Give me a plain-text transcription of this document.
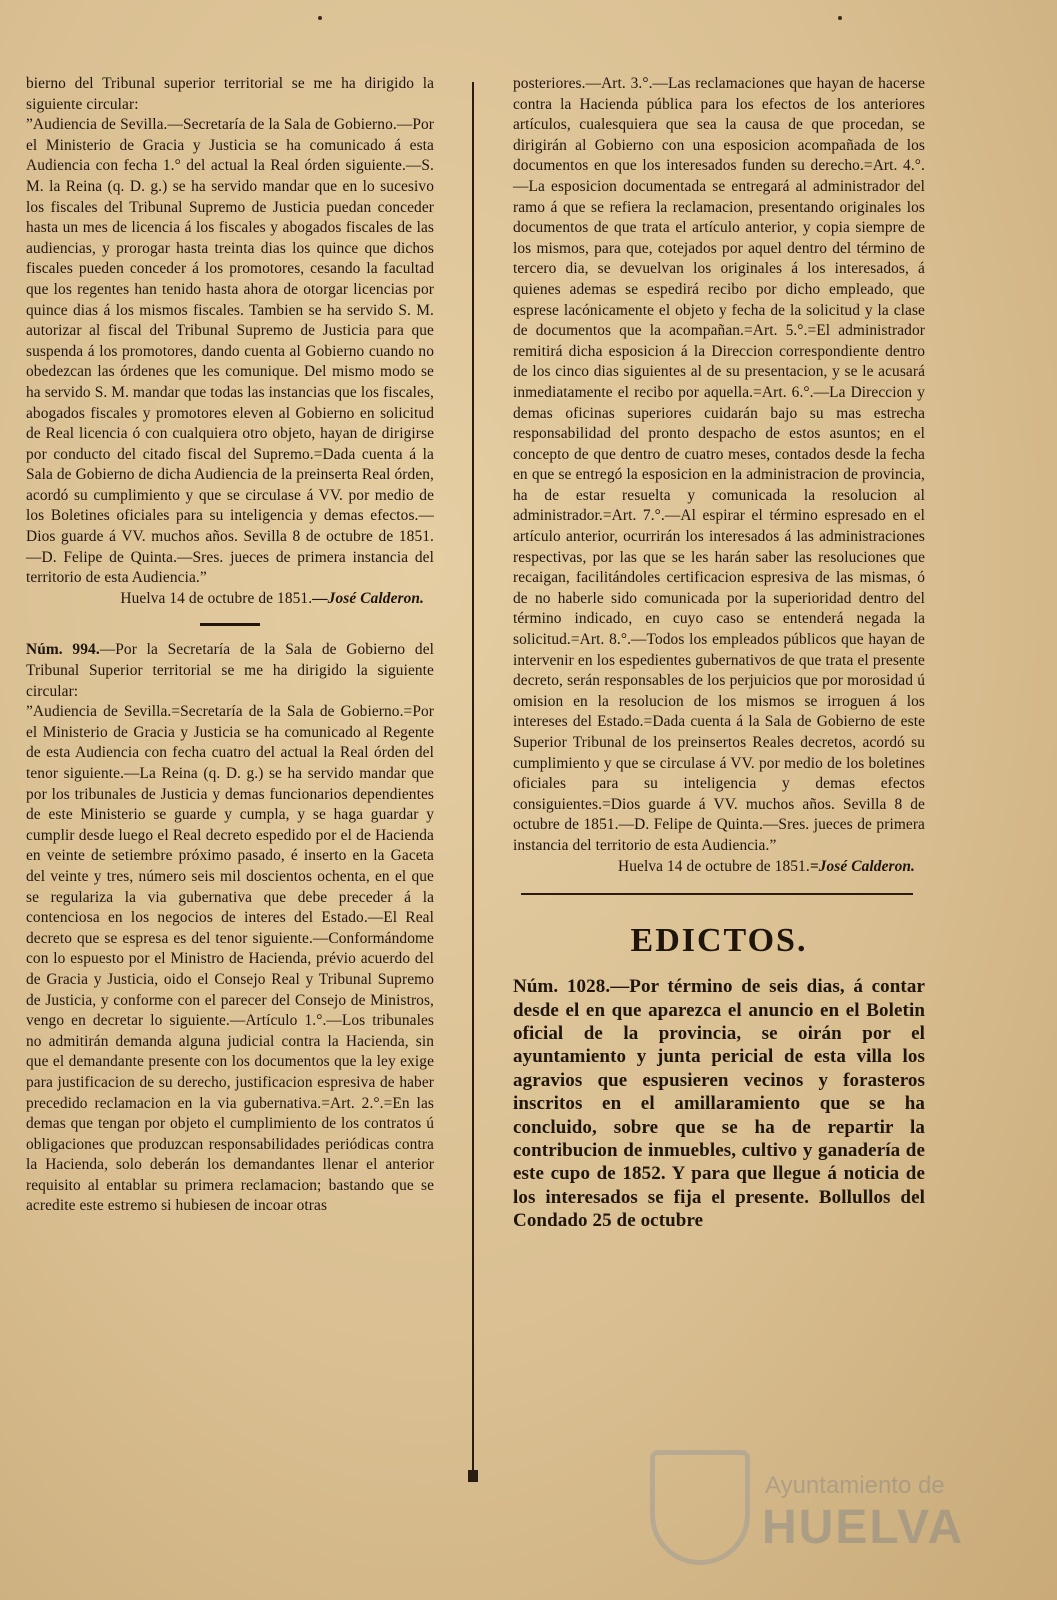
bierno del Tribunal superior territorial se me ha dirigido la siguiente circular:

”Audiencia de Sevilla.—Secretaría de la Sala de Gobierno.—Por el Ministerio de Gracia y Justicia se ha comunicado á esta Audiencia con fecha 1.° del actual la Real órden siguiente.—S. M. la Reina (q. D. g.) se ha servido mandar que en lo sucesivo los fiscales del Tribunal Supremo de Justicia puedan conceder hasta un mes de licencia á los fiscales y abogados fiscales de las audiencias, y prorogar hasta treinta dias los quince que dichos fiscales pueden conceder á los promotores, cesando la facultad que los regentes han tenido hasta ahora de otorgar licencias por quince dias á los mismos fiscales. Tambien se ha servido S. M. autorizar al fiscal del Tribunal Supremo de Justicia para que suspenda á los promotores, dando cuenta al Gobierno cuando no obedezcan las órdenes que les comunique. Del mismo modo se ha servido S. M. mandar que todas las instancias que los fiscales, abogados fiscales y promotores eleven al Gobierno en solicitud de Real licencia ó con cualquiera otro objeto, hayan de dirigirse por conducto del citado fiscal del Supremo.=Dada cuenta á la Sala de Gobierno de dicha Audiencia de la preinserta Real órden, acordó su cumplimiento y que se circulase á VV. por medio de los Boletines oficiales para su inteligencia y demas efectos.—Dios guarde á VV. muchos años. Sevilla 8 de octubre de 1851. —D. Felipe de Quinta.—Sres. jueces de primera instancia del territorio de esta Audiencia.”

Huelva 14 de octubre de 1851.—José Calderon.

Núm. 994.—Por la Secretaría de la Sala de Gobierno del Tribunal Superior territorial se me ha dirigido la siguiente circular:

”Audiencia de Sevilla.=Secretaría de la Sala de Gobierno.=Por el Ministerio de Gracia y Justicia se ha comunicado al Regente de esta Audiencia con fecha cuatro del actual la Real órden del tenor siguiente.—La Reina (q. D. g.) se ha servido mandar que por los tribunales de Justicia y demas funcionarios dependientes de este Ministerio se guarde y cumpla, y se haga guardar y cumplir desde luego el Real decreto espedido por el de Hacienda en veinte de setiembre próximo pasado, é inserto en la Gaceta del veinte y tres, número seis mil doscientos ochenta, en el que se regulariza la via gubernativa que debe preceder á la contenciosa en los negocios de interes del Estado.—El Real decreto que se espresa es del tenor siguiente.—Conformándome con lo espuesto por el Ministro de Hacienda, prévio acuerdo del de Gracia y Justicia, oido el Consejo Real y Tribunal Supremo de Justicia, y conforme con el parecer del Consejo de Ministros, vengo en decretar lo siguiente.—Artículo 1.°.—Los tribunales no admitirán demanda alguna judicial contra la Hacienda, sin que el demandante presente con los documentos que la ley exige para justificacion de su derecho, justificacion espresiva de haber precedido reclamacion en la via gubernativa.=Art. 2.°.=En las demas que tengan por objeto el cumplimiento de los contratos ú obligaciones que produzcan responsabilidades periódicas contra la Hacienda, solo deberán los demandantes llenar el anterior requisito al entablar su primera reclamacion; bastando que se acredite este estremo si hubiesen de incoar otras

posteriores.—Art. 3.°.—Las reclamaciones que hayan de hacerse contra la Hacienda pública para los efectos de los anteriores artículos, cualesquiera que sea la causa de que procedan, se dirigirán al Gobierno con una esposicion acompañada de los documentos en que los interesados funden su derecho.=Art. 4.°.—La esposicion documentada se entregará al administrador del ramo á que se refiera la reclamacion, presentando originales los documentos de que trata el artículo anterior, y copia siempre de los mismos, para que, cotejados por aquel dentro del término de tercero dia, se devuelvan los originales á los interesados, á quienes ademas se espedirá recibo por dicho empleado, que esprese lacónicamente el objeto y fecha de la solicitud y la clase de documentos que la acompañan.=Art. 5.°.=El administrador remitirá dicha esposicion á la Direccion correspondiente dentro de los cinco dias siguientes al de su presentacion, y se le acusará inmediatamente el recibo por aquella.=Art. 6.°.—La Direccion y demas oficinas superiores cuidarán bajo su mas estrecha responsabilidad del pronto despacho de estos asuntos; en el concepto de que dentro de cuatro meses, contados desde la fecha en que se entregó la esposicion en la administracion de provincia, ha de estar resuelta y comunicada la resolucion al administrador.=Art. 7.°.—Al espirar el término espresado en el artículo anterior, ocurrirán los interesados á las administraciones respectivas, por las que se les harán saber las resoluciones que recaigan, facilitándoles certificacion espresiva de las mismas, ó de no haberle sido comunicada por la superioridad dentro del término indicado, en cuyo caso se entenderá negada la solicitud.=Art. 8.°.—Todos los empleados públicos que hayan de intervenir en los espedientes gubernativos de que trata el presente decreto, serán responsables de los perjuicios que por morosidad ú omision en la resolucion de los mismos se irroguen á los intereses del Estado.=Dada cuenta á la Sala de Gobierno de este Superior Tribunal de los preinsertos Reales decretos, acordó su cumplimiento y que se circulase á VV. por medio de los boletines oficiales para su inteligencia y demas efectos consiguientes.=Dios guarde á VV. muchos años. Sevilla 8 de octubre de 1851.—D. Felipe de Quinta.—Sres. jueces de primera instancia del territorio de esta Audiencia.”

Huelva 14 de octubre de 1851.=José Calderon.

EDICTOS.

Núm. 1028.—Por término de seis dias, á contar desde el en que aparezca el anuncio en el Boletin oficial de la provincia, se oirán por el ayuntamiento y junta pericial de esta villa los agravios que espusieren vecinos y forasteros inscritos en el amillaramiento que se ha concluido, sobre que se ha de repartir la contribucion de inmuebles, cultivo y ganadería de este cupo de 1852. Y para que llegue á noticia de los interesados se fija el presente. Bollullos del Condado 25 de octubre

Ayuntamiento de
HUELVA
